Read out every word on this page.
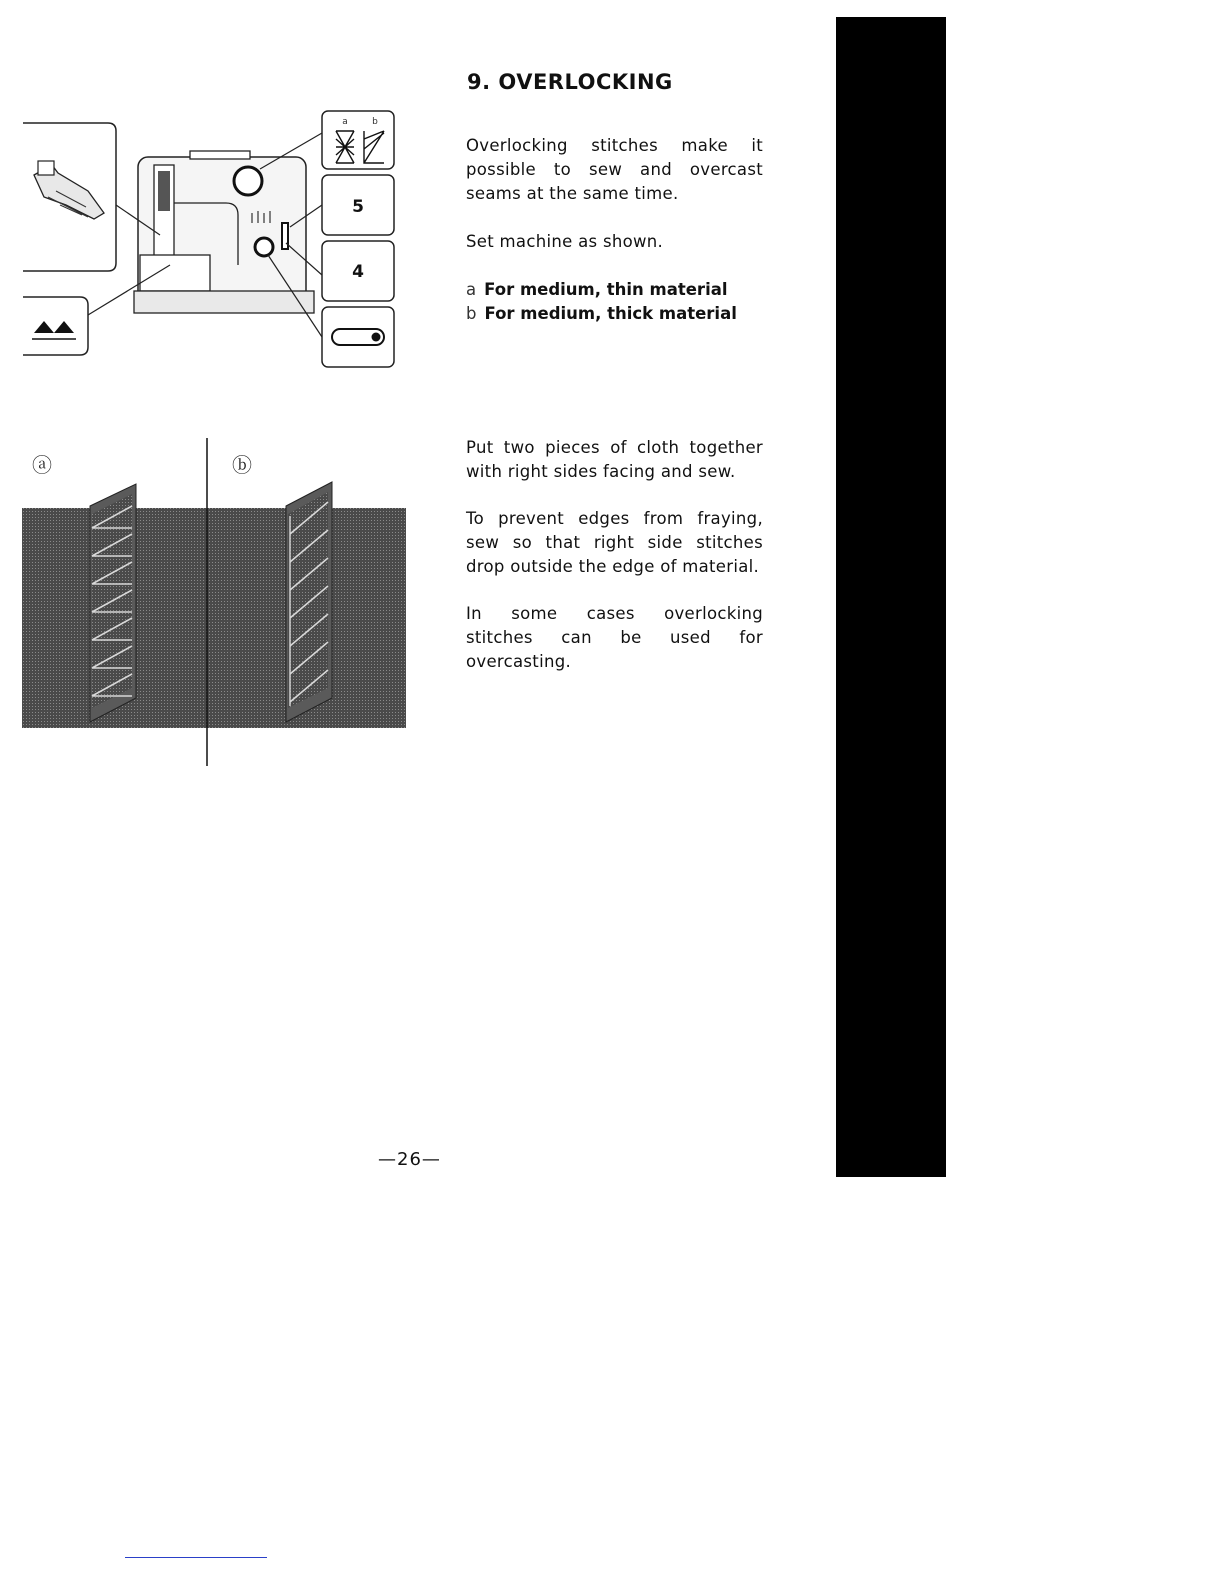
a	b
5
4
ⓐ	ⓑ
9. OVERLOCKING

Overlocking stitches make it possible to sew and overcast seams at the same time.

Set machine as shown.

a For medium, thin material
b For medium, thick material

Put two pieces of cloth together with right sides facing and sew.

To prevent edges from fraying, sew so that right side stitches drop outside the edge of material.

In some cases overlocking stitches can be used for overcasting.

—26—
